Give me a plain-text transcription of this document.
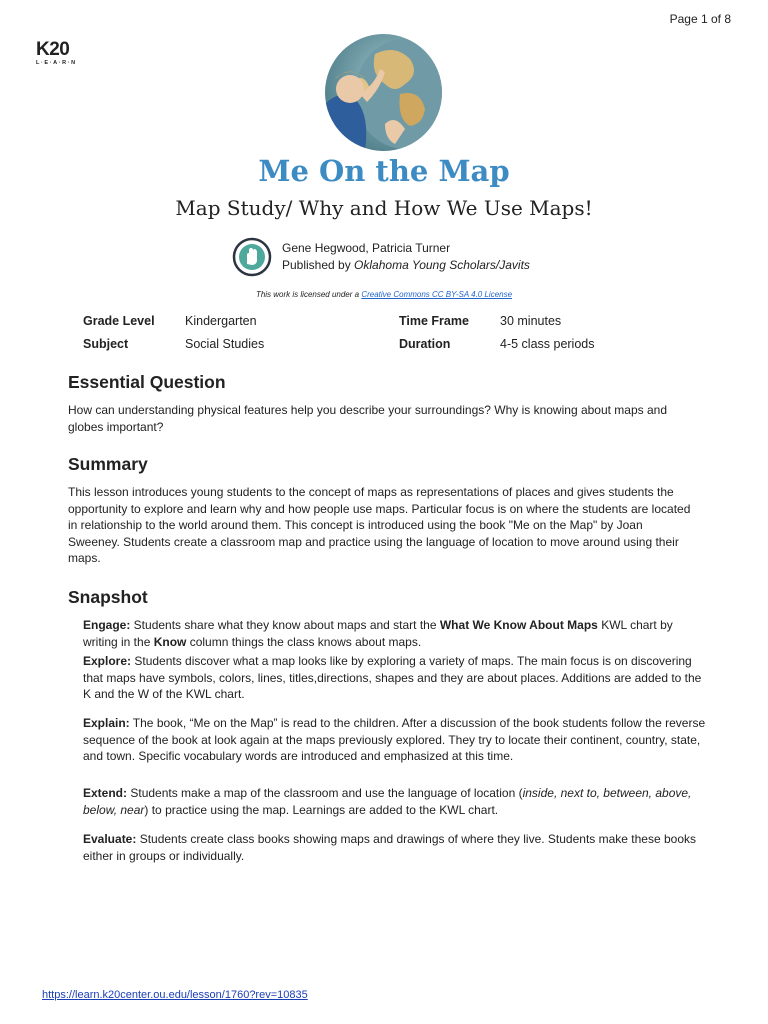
Page 1 of 8
K20
L·E·A·R·N
Me On the Map
Map Study/ Why and How We Use Maps!
Gene Hegwood, Patricia Turner
Published by Oklahoma Young Scholars/Javits
This work is licensed under a Creative Commons CC BY-SA 4.0 License
Grade Level Kindergarten	Time Frame 30 minutes
Subject	Social Studies	Duration	4-5 class periods
Essential Question
How can understanding physical features help you describe your surroundings? Why is knowing about maps and globes important?
Summary
This lesson introduces young students to the concept of maps as representations of places and gives students the opportunity to explore and learn why and how people use maps. Particular focus is on where the students are located in relationship to the world around them. This concept is introduced using the book "Me on the Map" by Joan Sweeney. Students create a classroom map and practice using the language of location to move around using their maps.
Snapshot
Engage: Students share what they know about maps and start the What We Know About Maps KWL chart by writing in the Know column things the class knows about maps.
Explore: Students discover what a map looks like by exploring a variety of maps. The main focus is on discovering that maps have symbols, colors, lines, titles,directions, shapes and they are about places. Additions are added to the K and the W of the KWL chart.
Explain: The book, “Me on the Map” is read to the children. After a discussion of the book students follow the reverse sequence of the book at look again at the maps previously explored. They try to locate their continent, country, state, and town. Specific vocabulary words are introduced and emphasized at this time.
Extend: Students make a map of the classroom and use the language of location (inside, next to, between, above, below, near) to practice using the map. Learnings are added to the KWL chart.
Evaluate: Students create class books showing maps and drawings of where they live. Students make these books either in groups or individually.
https://learn.k20center.ou.edu/lesson/1760?rev=10835
